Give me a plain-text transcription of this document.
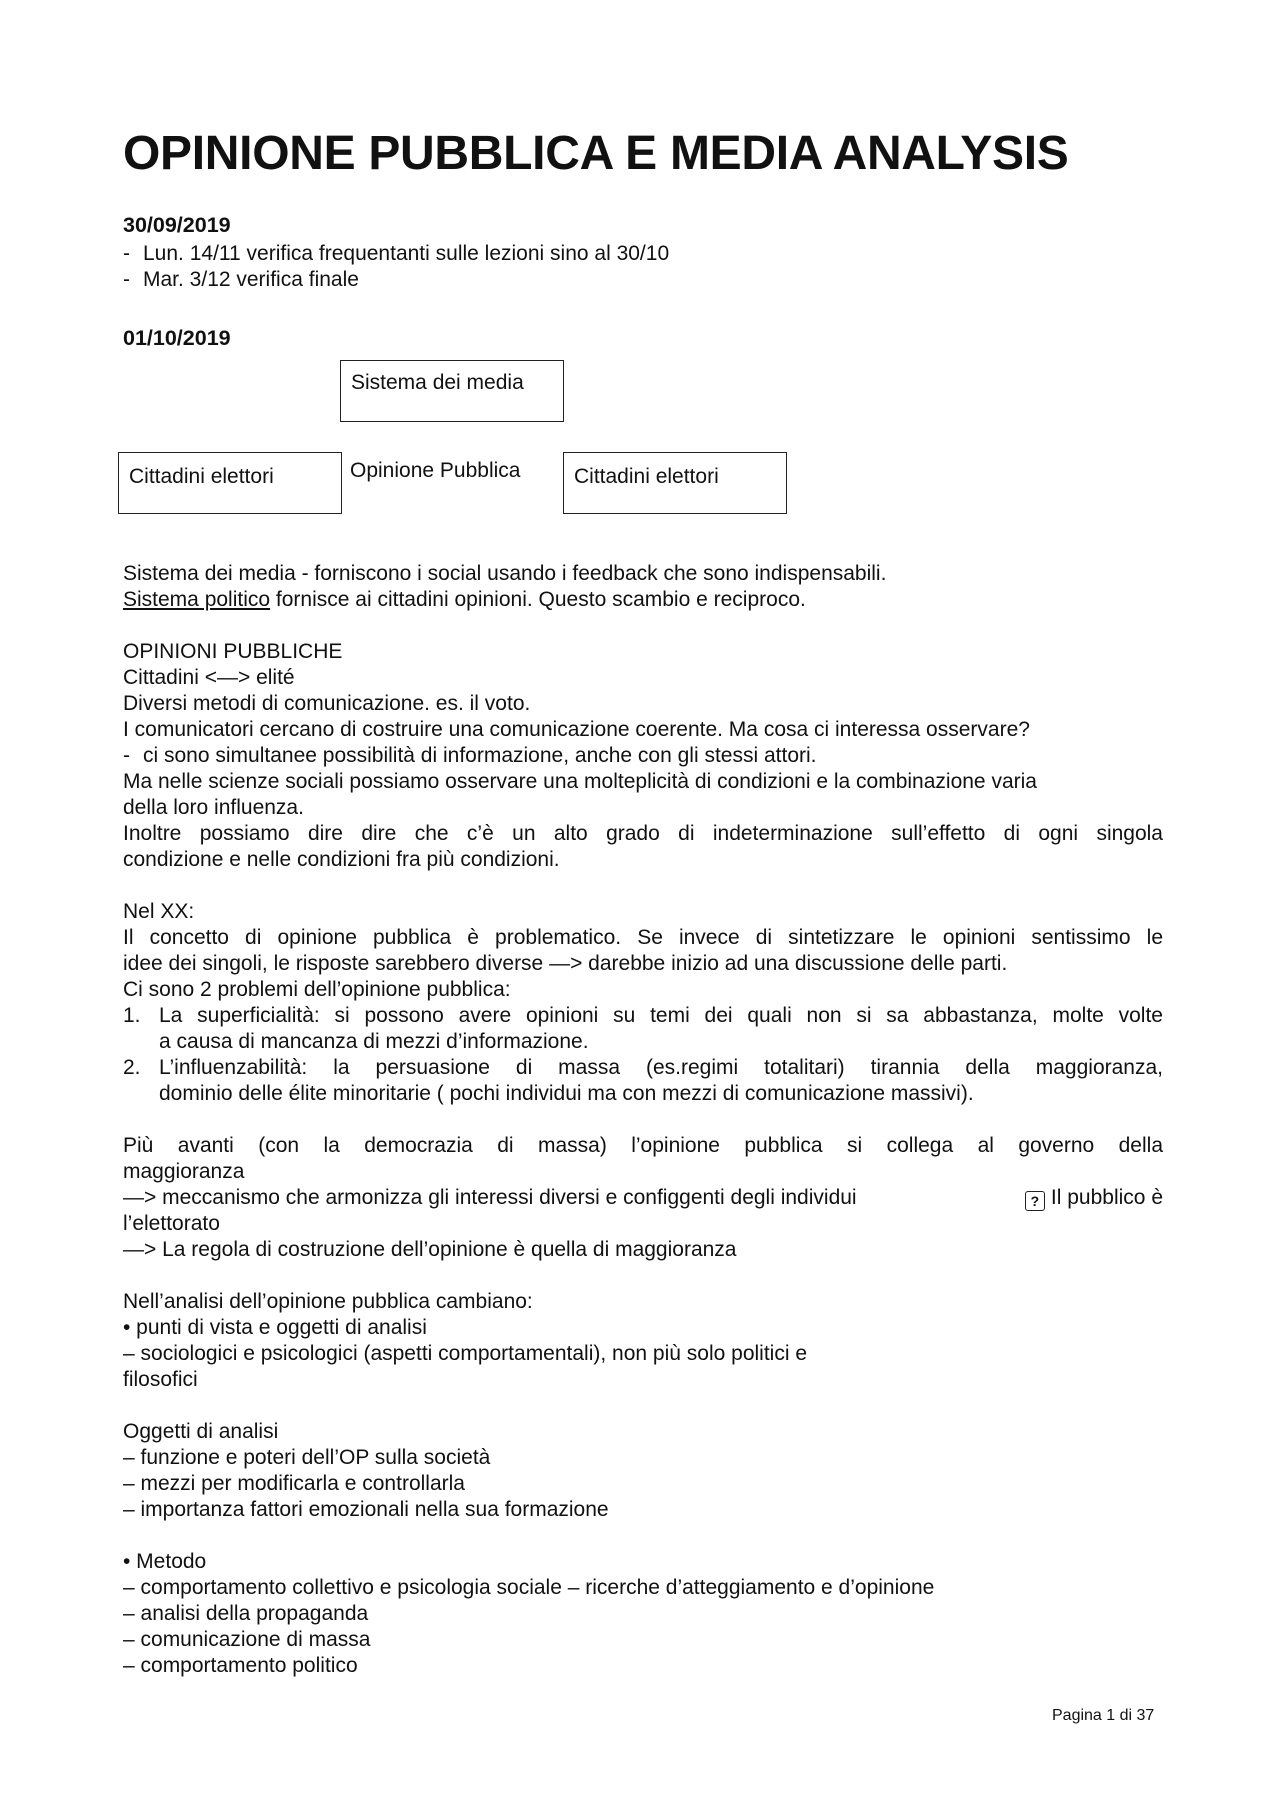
OPINIONE PUBBLICA E MEDIA ANALYSIS
30/09/2019
- Lun. 14/11 verifica frequentanti sulle lezioni sino al 30/10
- Mar. 3/12 verifica finale
01/10/2019
Sistema dei media
Cittadini elettori	Opinione Pubblica	Cittadini elettori
Sistema dei media - forniscono i social usando i feedback che sono indispensabili.
Sistema politico fornisce ai cittadini opinioni. Questo scambio e reciproco.
OPINIONI PUBBLICHE
Cittadini <—> elité
Diversi metodi di comunicazione. es. il voto.
I comunicatori cercano di costruire una comunicazione coerente. Ma cosa ci interessa osservare?
- ci sono simultanee possibilità di informazione, anche con gli stessi attori.
Ma nelle scienze sociali possiamo osservare una molteplicità di condizioni e la combinazione varia
della loro influenza.
Inoltre possiamo dire dire che c’è un alto grado di indeterminazione sull’effetto di ogni singola
condizione e nelle condizioni fra più condizioni.
Nel XX:
Il concetto di opinione pubblica è problematico. Se invece di sintetizzare le opinioni sentissimo le
idee dei singoli, le risposte sarebbero diverse —> darebbe inizio ad una discussione delle parti.
Ci sono 2 problemi dell’opinione pubblica:
1. La superficialità: si possono avere opinioni su temi dei quali non si sa abbastanza, molte volte
a causa di mancanza di mezzi d’informazione.
2. L’influenzabilità: la persuasione di massa (es.regimi totalitari) tirannia della maggioranza,
dominio delle élite minoritarie ( pochi individui ma con mezzi di comunicazione massivi).
Più avanti (con la democrazia di massa) l’opinione pubblica si collega al governo della
maggioranza
—> meccanismo che armonizza gli interessi diversi e configgenti degli individui	? Il pubblico è
l’elettorato
—> La regola di costruzione dell’opinione è quella di maggioranza
Nell’analisi dell’opinione pubblica cambiano:
• punti di vista e oggetti di analisi
– sociologici e psicologici (aspetti comportamentali), non più solo politici e
filosofici
Oggetti di analisi
– funzione e poteri dell’OP sulla società
– mezzi per modificarla e controllarla
– importanza fattori emozionali nella sua formazione
• Metodo
– comportamento collettivo e psicologia sociale – ricerche d’atteggiamento e d’opinione
– analisi della propaganda
– comunicazione di massa
– comportamento politico
Pagina 1 di 37
